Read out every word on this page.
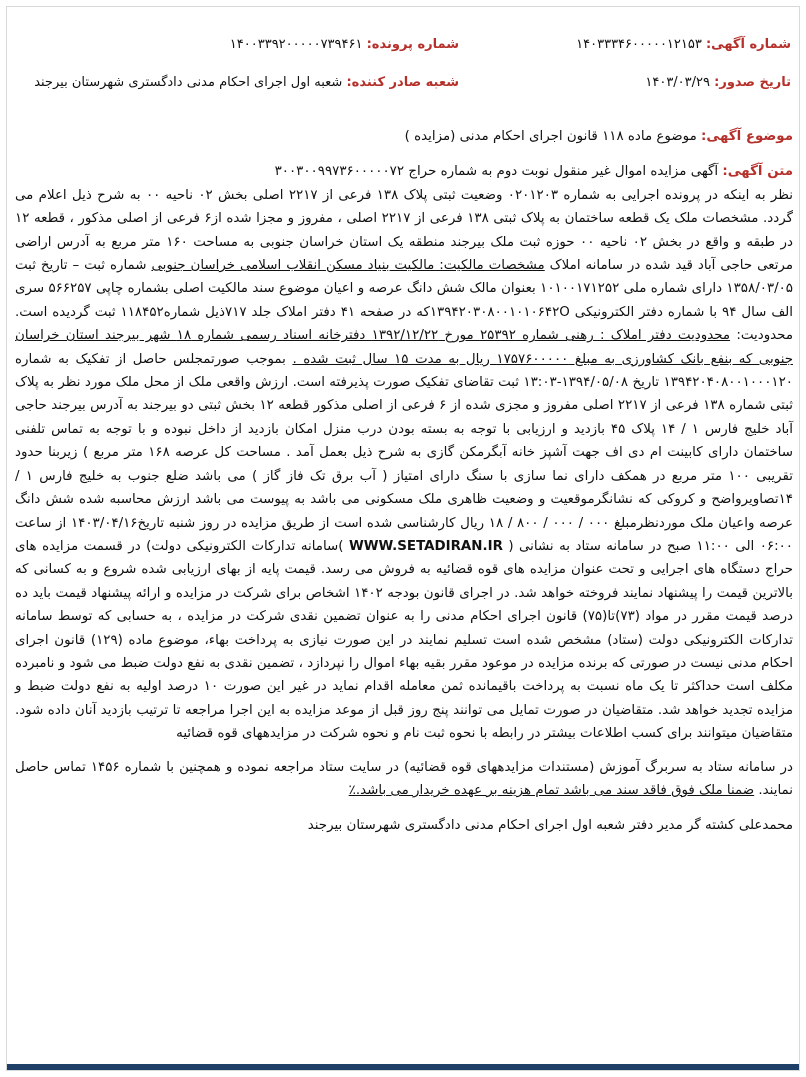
شماره آگهی: ۱۴۰۳۳۳۴۶۰۰۰۰۰۱۲۱۵۳
شماره پرونده: ۱۴۰۰۳۳۹۲۰۰۰۰۰۷۳۹۴۶۱
تاریخ صدور: ۱۴۰۳/۰۳/۲۹
شعبه صادر کننده: شعبه اول اجرای احکام مدنی دادگستری شهرستان بیرجند

موضوع آگهی: موضوع ماده ۱۱۸ قانون اجرای احکام مدنی (مزایده )

متن آگهی: آگهی مزایده اموال غیر منقول نوبت دوم به شماره حراج ۳۰۰۳۰۰۹۹۷۳۶۰۰۰۰۰۷۲

نظر به اینکه در پرونده اجرایی به شماره ۰۲۰۱۲۰۳ وضعیت ثبتی پلاک ۱۳۸ فرعی از ۲۲۱۷ اصلی بخش ۰۲ ناحیه ۰۰ به شرح ذیل اعلام می گردد. مشخصات ملک یک قطعه ساختمان به پلاک ثبتی ۱۳۸ فرعی از ۲۲۱۷ اصلی ، مفروز و مجزا شده از۶ فرعی از اصلی مذکور ، قطعه ۱۲ در طبقه و واقع در بخش ۰۲ ناحیه ۰۰ حوزه ثبت ملک بیرجند منطقه یک استان خراسان جنوبی به مساحت ۱۶۰ متر مربع به آدرس اراضی مرتعی حاجی آباد قید شده در سامانه املاک مشخصات مالکیت: مالکیت بنیاد مسکن انقلاب اسلامی خراسان جنوبی شماره ثبت – تاریخ ثبت ۱۳۵۸/۰۳/۰۵ دارای شماره ملی ۱۰۱۰۰۱۷۱۲۵۲ بعنوان مالک شش دانگ عرصه و اعیان موضوع سند مالکیت اصلی بشماره چاپی ۵۶۶۲۵۷ سری الف سال ۹۴ با شماره دفتر الکترونیکی ۱۳۹۴۲۰۳۰۸۰۰۱۰۱۰۶۴۲Oکه در صفحه ۴۱ دفتر املاک جلد ۷۱۷ذیل شماره۱۱۸۴۵۲ ثبت گردیده است. محدودیت: محدودیت دفتر املاک : رهنی شماره ۲۵۳۹۲ مورخ ۱۳۹۲/۱۲/۲۲ دفترخانه اسناد رسمی شماره ۱۸ شهر بیرجند استان خراسان جنوبی که بنفع بانک کشاورزی به مبلغ ۱۷۵۷۶۰۰۰۰۰ ریال به مدت ۱۵ سال ثبت شده . بموجب صورتمجلس حاصل از تفکیک به شماره ۱۳۹۴۲۰۴۰۸۰۰۱۰۰۰۱۲۰ تاریخ ۱۳۹۴/۰۵/۰۸-۱۳:۰۳ ثبت تقاضای تفکیک صورت پذیرفته است. ارزش واقعی ملک از محل ملک مورد نظر به پلاک ثبتی شماره ۱۳۸ فرعی از ۲۲۱۷ اصلی مفروز و مجزی شده از ۶ فرعی از اصلی مذکور قطعه ۱۲ بخش ثبتی دو بیرجند به آدرس بیرجند حاجی آباد خلیج فارس ۱ / ۱۴ پلاک ۴۵ بازدید و ارزیابی با توجه به بسته بودن درب منزل امکان بازدید از داخل نبوده و با توجه به تماس تلفنی ساختمان دارای کابینت ام دی اف جهت آشپز خانه آبگرمکن گازی به شرح ذیل بعمل آمد . مساحت کل عرصه ۱۶۸ متر مربع ) زیربنا حدود تقریبی ۱۰۰ متر مربع در همکف دارای نما سازی با سنگ دارای امتیاز ( آب برق تک فاز گاز ) می باشد ضلع جنوب به خلیج فارس ۱ / ۱۴تصاویرواضح و کروکی که نشانگرموقعیت و وضعیت ظاهری ملک مسکونی می باشد به پیوست می باشد ارزش محاسبه شده شش دانگ عرصه واعیان ملک موردنظرمبلغ ۰۰۰ / ۰۰۰ / ۸۰۰ / ۱۸ ریال کارشناسی شده است از طریق مزایده در روز شنبه تاریخ۱۴۰۳/۰۴/۱۶ از ساعت ۰۶:۰۰ الی ۱۱:۰۰ صبح در سامانه ستاد به نشانی ( WWW.SETADIRAN.IR )سامانه تدارکات الکترونیکی دولت) در قسمت مزایده های حراج دستگاه های اجرایی و تحت عنوان مزایده های قوه قضائیه به فروش می رسد. قیمت پایه از بهای ارزیابی شده شروع و به کسانی که بالاترین قیمت را پیشنهاد نمایند فروخته خواهد شد. در اجرای قانون بودجه ۱۴۰۲ اشخاص برای شرکت در مزایده و ارائه پیشنهاد قیمت باید ده درصد قیمت مقرر در مواد (۷۳)تا(۷۵) قانون اجرای احکام مدنی را به عنوان تضمین نقدی شرکت در مزایده ، به حسابی که توسط سامانه تدارکات الکترونیکی دولت (ستاد) مشخص شده است تسلیم نمایند در این صورت نیازی به پرداخت بهاء، موضوع ماده (۱۲۹) قانون اجرای احکام مدنی نیست در صورتی که برنده مزایده در موعود مقرر بقیه بهاء اموال را نپردازد ، تضمین نقدی به نفع دولت ضبط می شود و نامبرده مکلف است حداکثر تا یک ماه نسبت به پرداخت باقیمانده ثمن معامله اقدام نماید در غیر این صورت ۱۰ درصد اولیه به نفع دولت ضبط و مزایده تجدید خواهد شد. متقاضیان در صورت تمایل می توانند پنج روز قبل از موعد مزایده به این اجرا مراجعه تا ترتیب بازدید آنان داده شود. متقاضیان میتوانند برای کسب اطلاعات بیشتر در رابطه با نحوه ثبت نام و نحوه شرکت در مزایدههای قوه قضائیه

در سامانه ستاد به سربرگ آموزش (مستندات مزایدههای قوه قضائیه) در سایت ستاد مراجعه نموده و همچنین با شماره ۱۴۵۶ تماس حاصل نمایند. ضمنا ملک فوق فاقد سند می باشد تمام هزینه بر عهده خریدار می باشد.٪

محمدعلی کشته گر مدیر دفتر شعبه اول اجرای احکام مدنی دادگستری شهرستان بیرجند
